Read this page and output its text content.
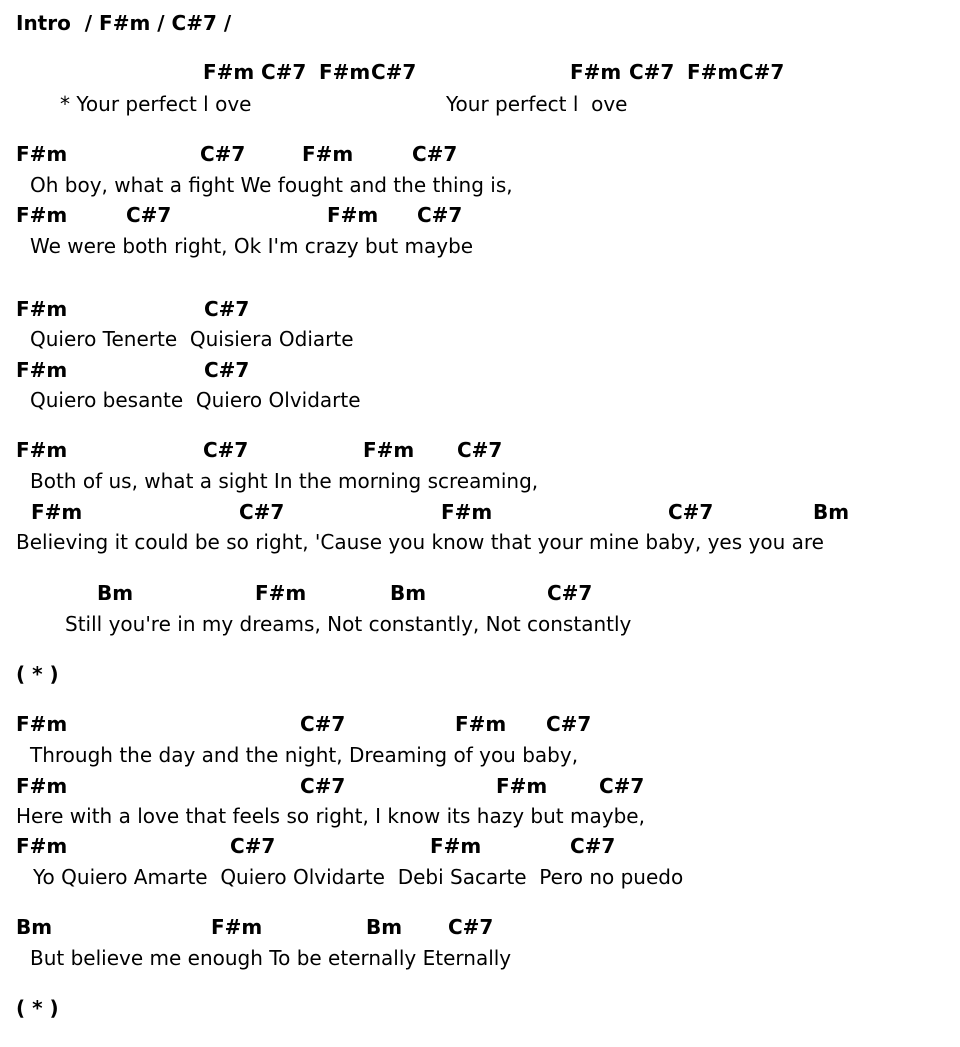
Intro  / F#m / C#7 /
F#m C#7 F#m C#7	F#m C#7 F#m C#7
* Your perfect l ove	Your perfect l  ove
F#m	C#7	F#m	C#7
Oh boy, what a fight We fought and the thing is,
F#m	C#7	F#m C#7
We were both right, Ok I'm crazy but maybe
F#m	C#7
Quiero Tenerte  Quisiera Odiarte
F#m	C#7
Quiero besante  Quiero Olvidarte
F#m	C#7	F#m C#7
Both of us, what a sight In the morning screaming,
F#m	C#7	F#m	C#7	Bm
Believing it could be so right, 'Cause you know that your mine baby, yes you are
Bm	F#m	Bm	C#7
Still you're in my dreams, Not constantly, Not constantly
( * )
F#m	C#7	F#m C#7
Through the day and the night, Dreaming of you baby,
F#m	C#7	F#m	C#7
Here with a love that feels so right, I know its hazy but maybe,
F#m	C#7	F#m	C#7
Yo Quiero Amarte  Quiero Olvidarte  Debi Sacarte  Pero no puedo
Bm	F#m	Bm C#7
But believe me enough To be eternally Eternally
( * )
